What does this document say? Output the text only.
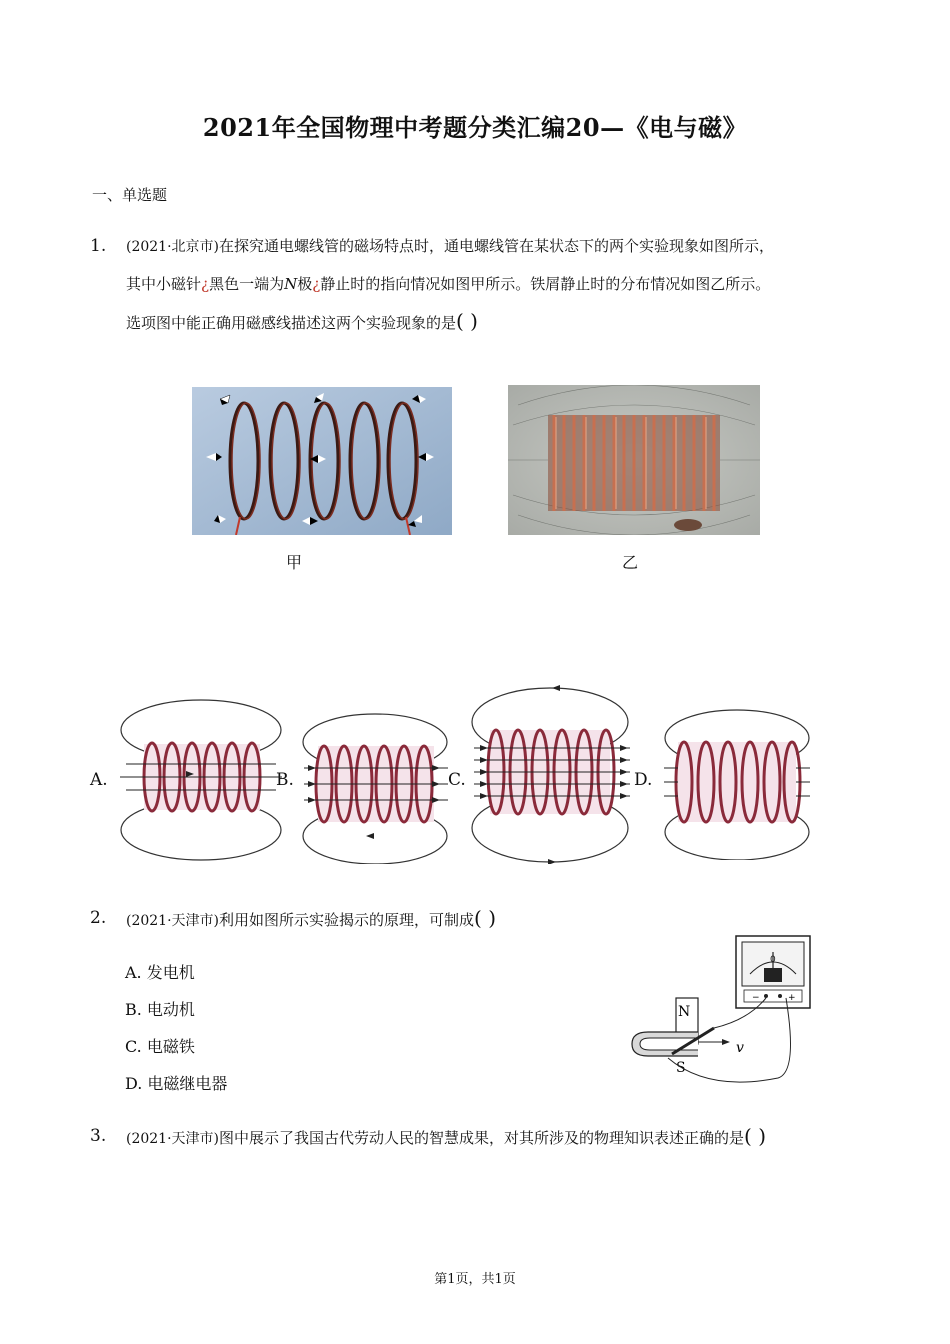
2021年全国物理中考题分类汇编20—《电与磁》
一、单选题
1. (2021·北京市)在探究通电螺线管的磁场特点时，通电螺线管在某状态下的两个实验现象如图所示，
其中小磁针¿黑色一端为N极¿静止时的指向情况如图甲所示。铁屑静止时的分布情况如图乙所示。
选项图中能正确用磁感线描述这两个实验现象的是( )
甲	乙
A.	B.	C.	D.
2. (2021·天津市)利用如图所示实验揭示的原理，可制成( )
A. 发电机
B. 电动机
C. 电磁铁
D. 电磁继电器
0
−	+
N
S
v
3. (2021·天津市)图中展示了我国古代劳动人民的智慧成果，对其所涉及的物理知识表述正确的是( )
第1页，共1页
